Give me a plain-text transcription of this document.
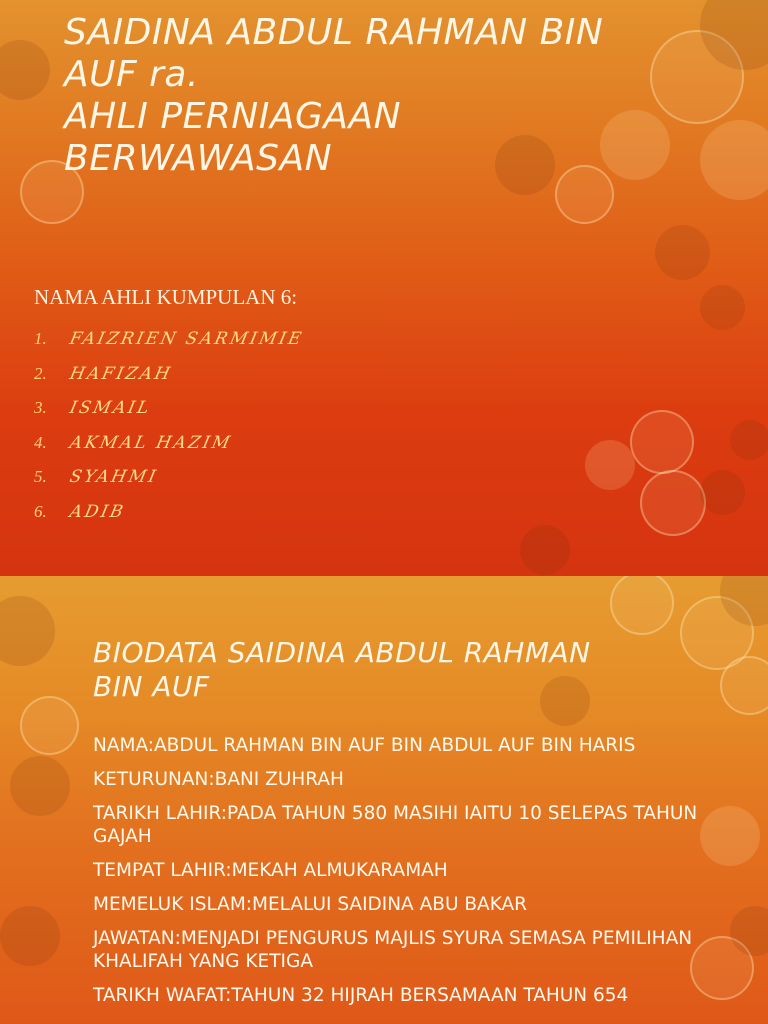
SAIDINA ABDUL RAHMAN BIN
AUF ra.
AHLI PERNIAGAAN
BERWAWASAN

NAMA AHLI KUMPULAN 6:

1.	FAIZRIEN SARMIMIE
2.	HAFIZAH
3.	ISMAIL
4.	AKMAL HAZIM
5.	SYAHMI
6.	ADIB
BIODATA SAIDINA ABDUL RAHMAN
BIN AUF
NAMA:ABDUL RAHMAN BIN AUF BIN ABDUL AUF BIN HARIS
KETURUNAN:BANI ZUHRAH
TARIKH LAHIR:PADA TAHUN 580 MASIHI IAITU 10 SELEPAS TAHUN GAJAH
TEMPAT LAHIR:MEKAH ALMUKARAMAH
MEMELUK ISLAM:MELALUI SAIDINA ABU BAKAR
JAWATAN:MENJADI PENGURUS MAJLIS SYURA SEMASA PEMILIHAN KHALIFAH YANG KETIGA
TARIKH WAFAT:TAHUN 32 HIJRAH BERSAMAAN TAHUN 654
